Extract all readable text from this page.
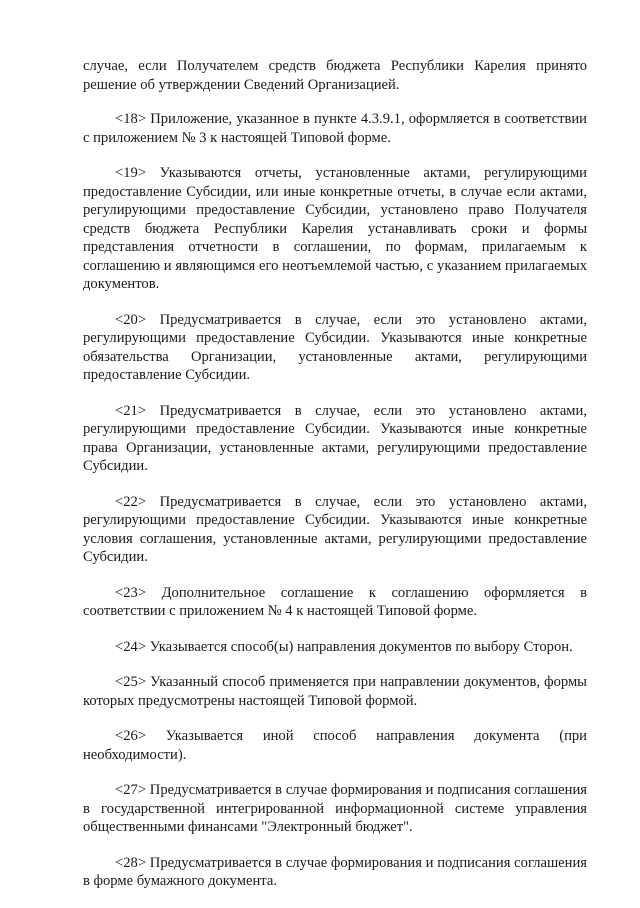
случае, если Получателем средств бюджета Республики Карелия принято решение об утверждении Сведений Организацией.

<18> Приложение, указанное в пункте 4.3.9.1, оформляется в соответствии с приложением № 3 к настоящей Типовой форме.

<19> Указываются отчеты, установленные актами, регулирующими предоставление Субсидии, или иные конкретные отчеты, в случае если актами, регулирующими предоставление Субсидии, установлено право Получателя средств бюджета Республики Карелия устанавливать сроки и формы представления отчетности в соглашении, по формам, прилагаемым к соглашению и являющимся его неотъемлемой частью, с указанием прилагаемых документов.

<20> Предусматривается в случае, если это установлено актами, регулирующими предоставление Субсидии. Указываются иные конкретные обязательства Организации, установленные актами, регулирующими предоставление Субсидии.

<21> Предусматривается в случае, если это установлено актами, регулирующими предоставление Субсидии. Указываются иные конкретные права Организации, установленные актами, регулирующими предоставление Субсидии.

<22> Предусматривается в случае, если это установлено актами, регулирующими предоставление Субсидии. Указываются иные конкретные условия соглашения, установленные актами, регулирующими предоставление Субсидии.

<23> Дополнительное соглашение к соглашению оформляется в соответствии с приложением № 4 к настоящей Типовой форме.

<24> Указывается способ(ы) направления документов по выбору Сторон.

<25> Указанный способ применяется при направлении документов, формы которых предусмотрены настоящей Типовой формой.

<26> Указывается иной способ направления документа (при необходимости).

<27> Предусматривается в случае формирования и подписания соглашения в государственной интегрированной информационной системе управления общественными финансами "Электронный бюджет".

<28> Предусматривается в случае формирования и подписания соглашения в форме бумажного документа.
